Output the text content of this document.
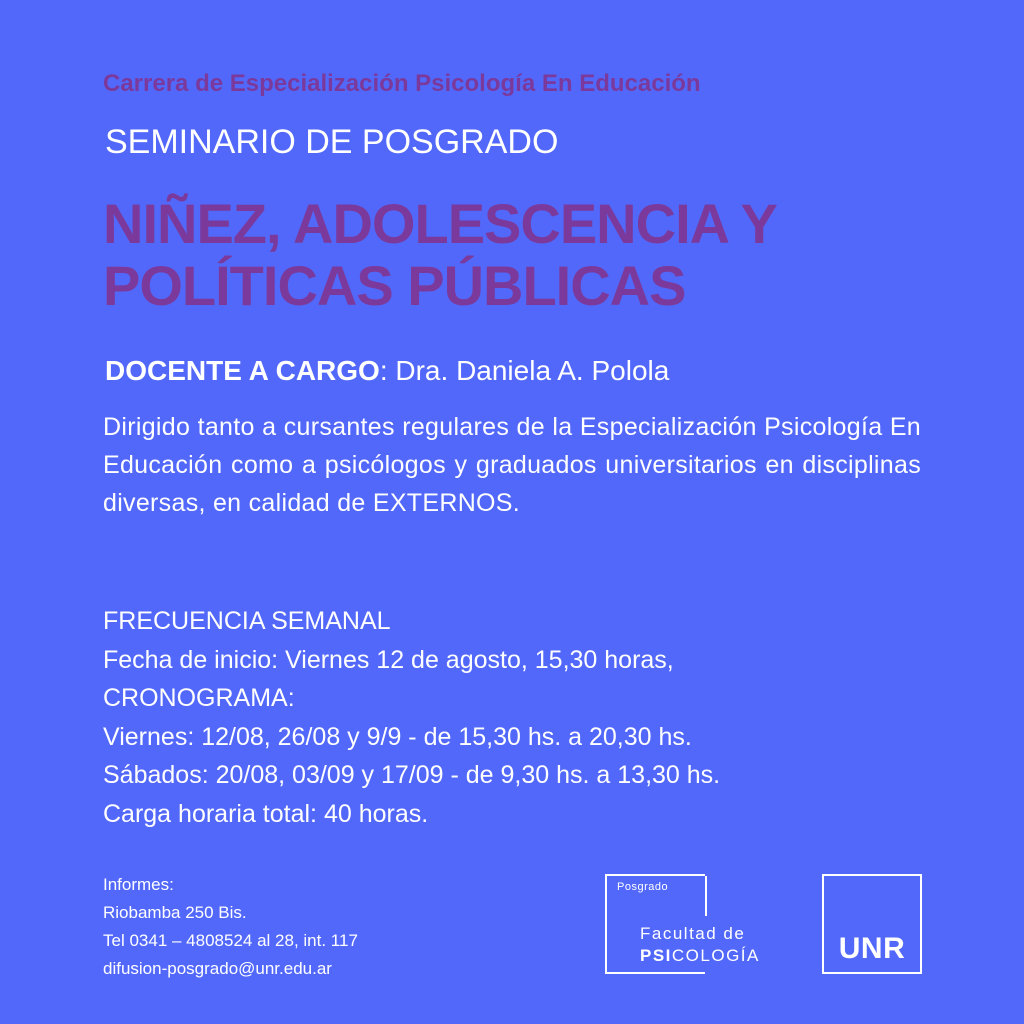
Carrera de Especialización Psicología En Educación
SEMINARIO DE POSGRADO
NIÑEZ, ADOLESCENCIA Y
POLÍTICAS PÚBLICAS
DOCENTE A CARGO: Dra. Daniela A. Polola
Dirigido tanto a cursantes regulares de la Especialización Psicología En Educación como a psicólogos y graduados universitarios en disciplinas diversas, en calidad de EXTERNOS.
FRECUENCIA SEMANAL
Fecha de inicio: Viernes 12 de agosto, 15,30 horas,
CRONOGRAMA:
Viernes: 12/08, 26/08 y 9/9 - de 15,30 hs. a 20,30 hs.
Sábados: 20/08, 03/09 y 17/09 - de 9,30 hs. a 13,30 hs.
Carga horaria total: 40 horas.
Informes:
Riobamba 250 Bis.
Tel 0341 – 4808524 al 28, int. 117
difusion-posgrado@unr.edu.ar
Posgrado
Facultad de
PSICOLOGÍA	UNR
